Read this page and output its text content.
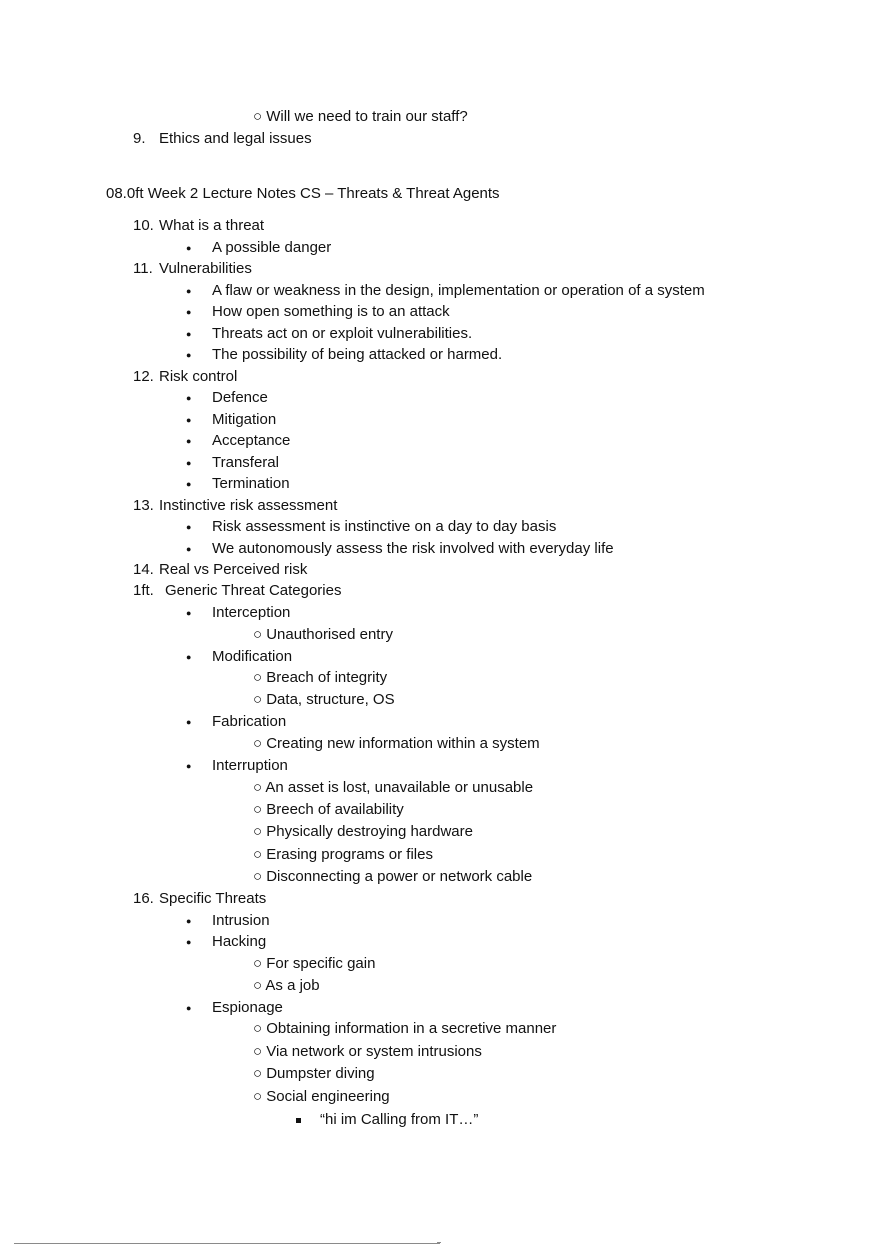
○ Will we need to train our staff?
9. Ethics and legal issues
08.0ft Week 2 Lecture Notes CS – Threats & Threat Agents
10. What is a threat
● A possible danger
11. Vulnerabilities
● A flaw or weakness in the design, implementation or operation of a system
● How open something is to an attack
● Threats act on or exploit vulnerabilities.
● The possibility of being attacked or harmed.
12. Risk control
● Defence
● Mitigation
● Acceptance
● Transferal
● Termination
13. Instinctive risk assessment
● Risk assessment is instinctive on a day to day basis
● We autonomously assess the risk involved with everyday life
14. Real vs Perceived risk
1ft. Generic Threat Categories
● Interception
○ Unauthorised entry
● Modification
○ Breach of integrity
○ Data, structure, OS
● Fabrication
○ Creating new information within a system
● Interruption
○ An asset is lost, unavailable or unusable
○ Breech of availability
○ Physically destroying hardware
○ Erasing programs or files
○ Disconnecting a power or network cable
16. Specific Threats
● Intrusion
● Hacking
○ For specific gain
○ As a job
● Espionage
○ Obtaining information in a secretive manner
○ Via network or system intrusions
○ Dumpster diving
○ Social engineering
“hi im Calling from IT…”
